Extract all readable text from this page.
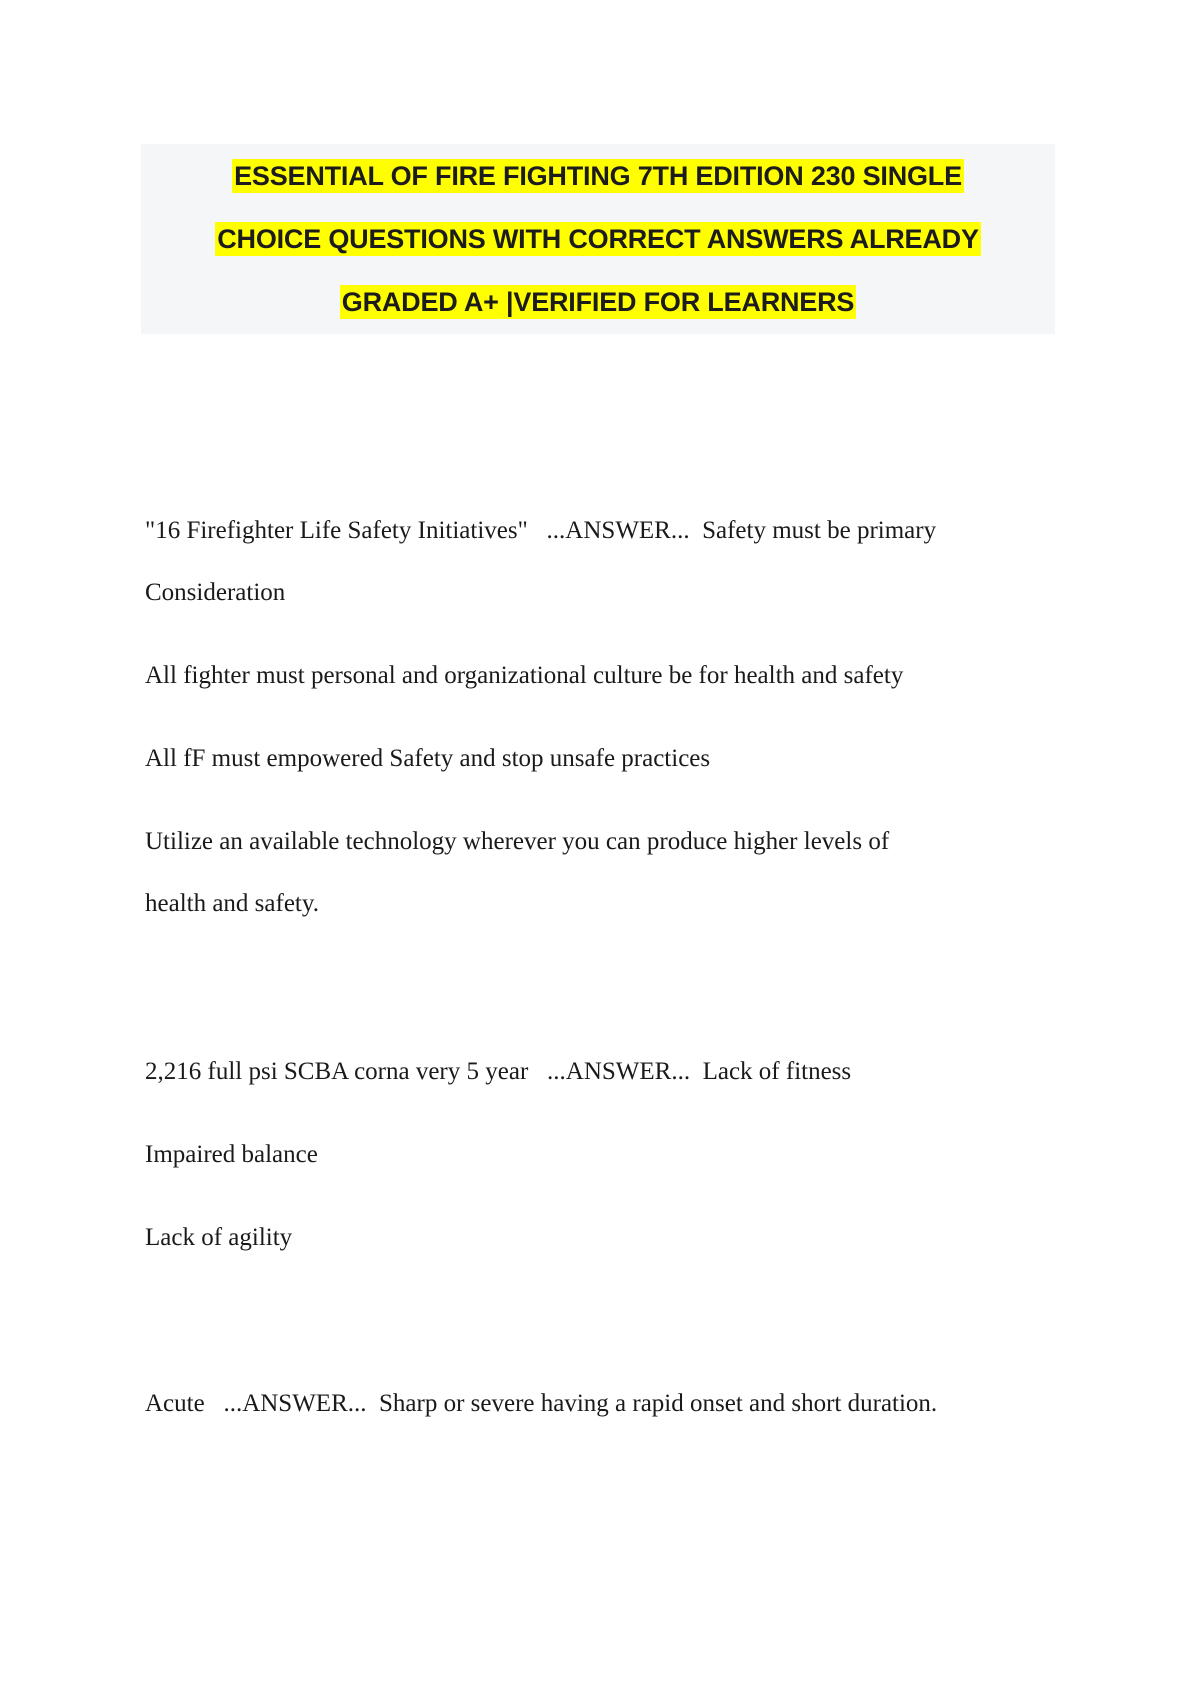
ESSENTIAL OF FIRE FIGHTING 7TH EDITION 230 SINGLE
CHOICE QUESTIONS WITH CORRECT ANSWERS ALREADY
GRADED A+ |VERIFIED FOR LEARNERS
"16 Firefighter Life Safety Initiatives"   ...ANSWER...  Safety must be primary
Consideration
All fighter must personal and organizational culture be for health and safety
All fF must empowered Safety and stop unsafe practices
Utilize an available technology wherever you can produce higher levels of
health and safety.
2,216 full psi SCBA corna very 5 year   ...ANSWER...  Lack of fitness
Impaired balance
Lack of agility
Acute   ...ANSWER...  Sharp or severe having a rapid onset and short duration.
